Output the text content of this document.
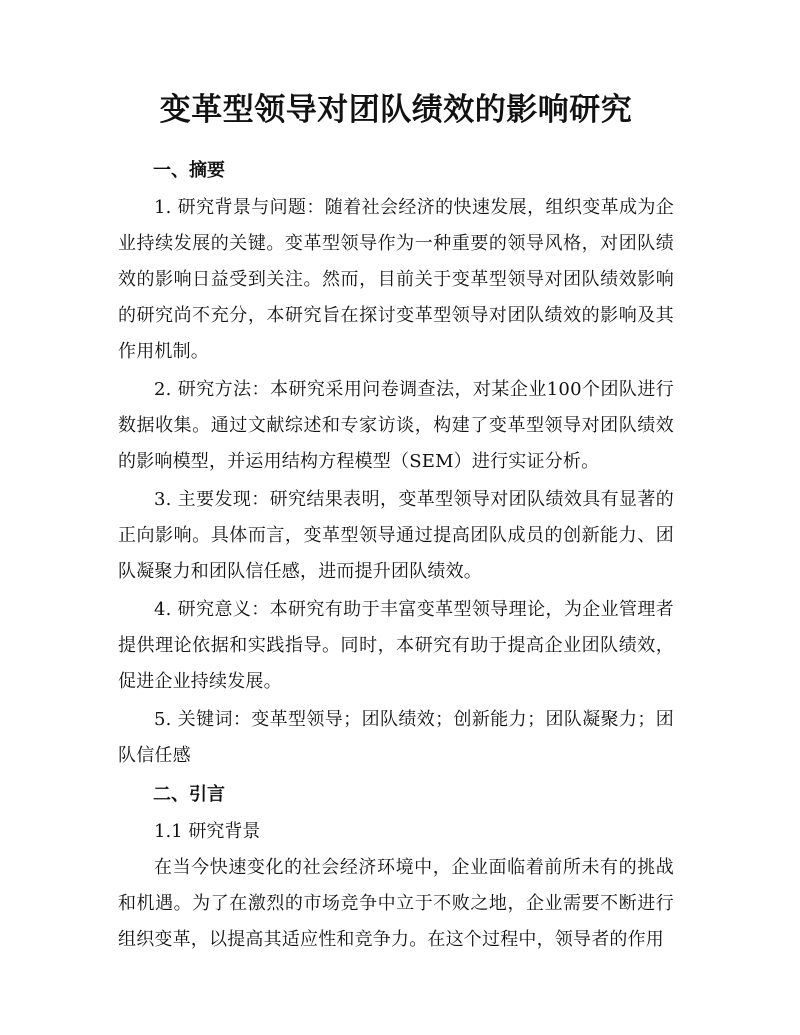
变革型领导对团队绩效的影响研究
一、摘要

1. 研究背景与问题：随着社会经济的快速发展，组织变革成为企业持续发展的关键。变革型领导作为一种重要的领导风格，对团队绩效的影响日益受到关注。然而，目前关于变革型领导对团队绩效影响的研究尚不充分，本研究旨在探讨变革型领导对团队绩效的影响及其作用机制。

2. 研究方法：本研究采用问卷调查法，对某企业100个团队进行数据收集。通过文献综述和专家访谈，构建了变革型领导对团队绩效的影响模型，并运用结构方程模型（SEM）进行实证分析。

3. 主要发现：研究结果表明，变革型领导对团队绩效具有显著的正向影响。具体而言，变革型领导通过提高团队成员的创新能力、团队凝聚力和团队信任感，进而提升团队绩效。

4. 研究意义：本研究有助于丰富变革型领导理论，为企业管理者提供理论依据和实践指导。同时，本研究有助于提高企业团队绩效，促进企业持续发展。

5. 关键词：变革型领导；团队绩效；创新能力；团队凝聚力；团队信任感

二、引言

1.1 研究背景

在当今快速变化的社会经济环境中，企业面临着前所未有的挑战和机遇。为了在激烈的市场竞争中立于不败之地，企业需要不断进行组织变革，以提高其适应性和竞争力。在这个过程中，领导者的作用
